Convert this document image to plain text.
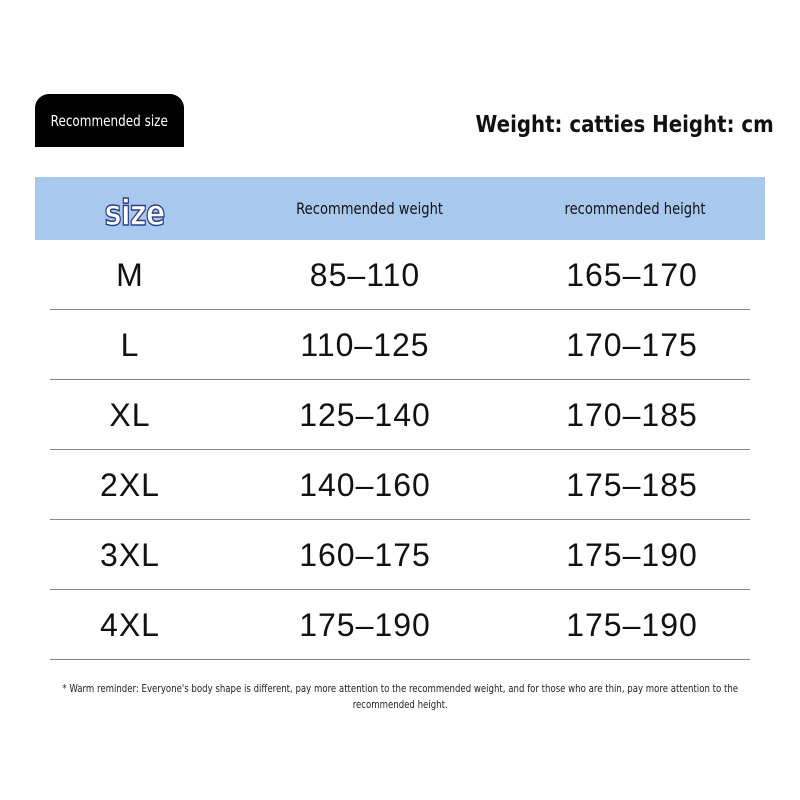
Recommended size	Weight: catties Height: cm
size	Recommended weight	recommended height
M	85–110	165–170
L	110–125	170–175
XL	125–140	170–185
2XL	140–160	175–185
3XL	160–175	175–190
4XL	175–190	175–190
* Warm reminder: Everyone's body shape is different, pay more attention to the recommended weight, and for those who are thin, pay more attention to the recommended height.
